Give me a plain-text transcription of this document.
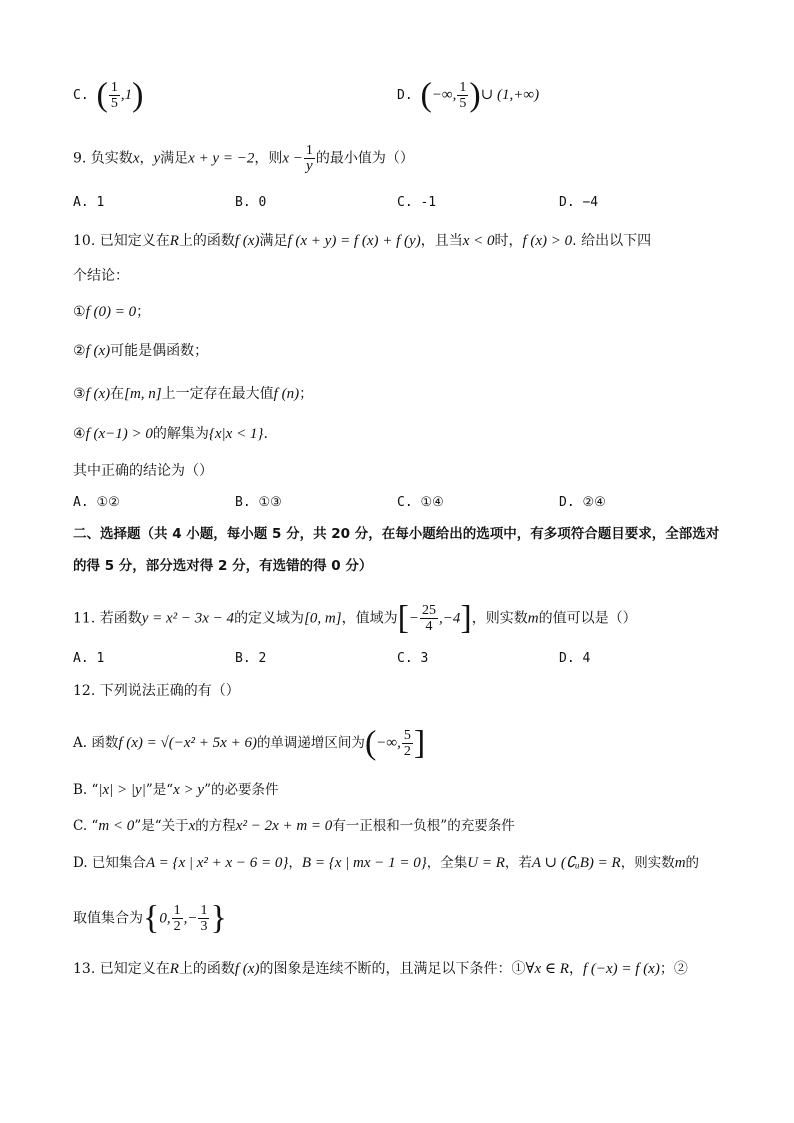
C. ( $\frac{1}{5} ,1$)	D. (−∞, $\frac{1}{5}$ )∪ (1,+∞)
9. 负实数x，y满足x + y = −2，则$x - \frac{1}{y}$ 的最小值为（）
A. 1	B. 0	C. -1	D. −4
10. 已知定义在R上的函数f (x)满足f (x + y) = f (x) + f (y)，且当x < 0时，f (x) > 0. 给出以下四
个结论：
①f (0) = 0；
②f (x)可能是偶函数；
③f (x)在[m, n]上一定存在最大值f (n)；
④f (x−1) > 0的解集为{x|x < 1}.
其中正确的结论为（）
A. ①②	B. ①③	C. ①④	D. ②④
二、选择题（共 4 小题，每小题 5 分，共 20 分，在每小题给出的选项中，有多项符合题目要求，全部选对
的得 5 分，部分选对得 2 分，有选错的得 0 分）
11. 若函数y = x² − 3x − 4的定义域为[0, m]，值域为[− $\frac{25}{4} ,-4$]，则实数m的值可以是（）
A. 1	B. 2	C. 3	D. 4
12. 下列说法正确的有（）
A. 函数f (x) = √(−x² + 5x + 6)的单调递增区间为(−∞, $\frac{5}{2}$ ]
B. “|x| > |y|”是“x > y”的必要条件
C. “m < 0”是“关于x的方程x² − 2x + m = 0有一正根和一负根”的充要条件
D. 已知集合A = {x | x² + x − 6 = 0}，B = {x | mx − 1 = 0}，全集U = R，若A ∪ (∁ᵤB) = R，则实数m的
取值集合为{0, $\frac{1}{2}$ ,− $\frac{1}{3}$ }
13. 已知定义在R上的函数f (x)的图象是连续不断的，且满足以下条件：①∀x ∈ R，f (−x) = f (x)；②
